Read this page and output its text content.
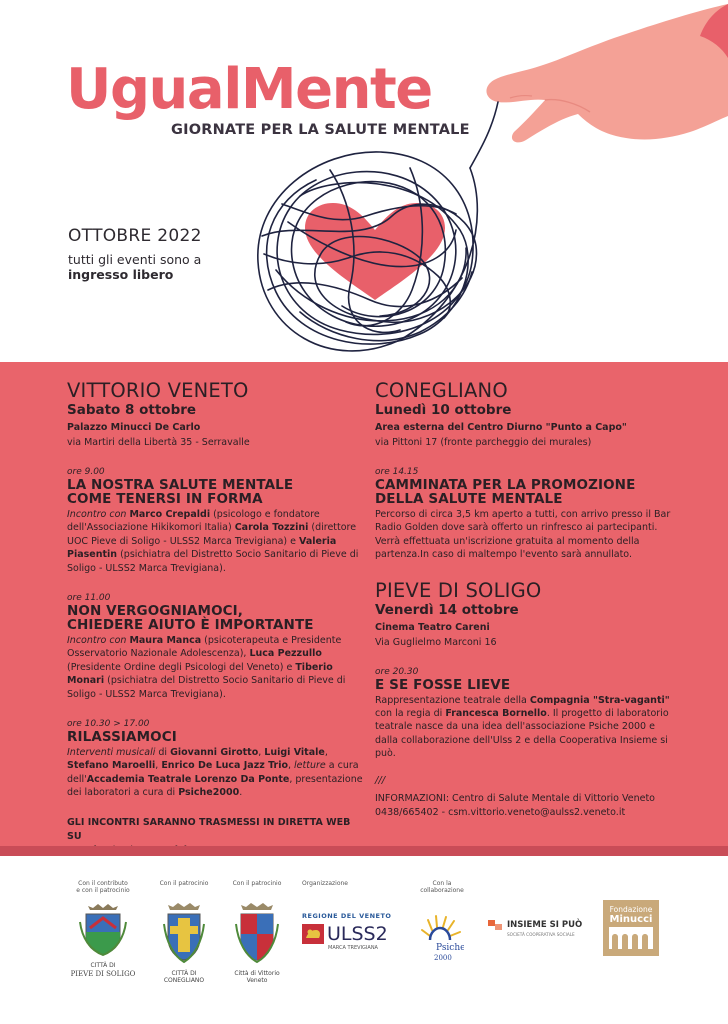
UgualMente
GIORNATE PER LA SALUTE MENTALE
OTTOBRE 2022
tutti gli eventi sono a
ingresso libero
VITTORIO VENETO
Sabato 8 ottobre
Palazzo Minucci De Carlo
via Martiri della Libertà 35 - Serravalle
ore 9.00
LA NOSTRA SALUTE MENTALE
COME TENERSI IN FORMA
Incontro con Marco Crepaldi (psicologo e fondatore dell'Associazione Hikikomori Italia) Carola Tozzini (direttore UOC Pieve di Soligo - ULSS2 Marca Trevigiana) e Valeria Piasentin (psichiatra del Distretto Socio Sanitario di Pieve di Soligo - ULSS2 Marca Trevigiana).
ore 11.00
NON VERGOGNIAMOCI,
CHIEDERE AIUTO È IMPORTANTE
Incontro con Maura Manca (psicoterapeuta e Presidente Osservatorio Nazionale Adolescenza), Luca Pezzullo (Presidente Ordine degli Psicologi del Veneto) e Tiberio Monari (psichiatra del Distretto Socio Sanitario di Pieve di Soligo - ULSS2 Marca Trevigiana).
ore 10.30 > 17.00
RILASSIAMOCI
Interventi musicali di Giovanni Girotto, Luigi Vitale, Stefano Maroelli, Enrico De Luca Jazz Trio, letture a cura dell'Accademia Teatrale Lorenzo Da Ponte, presentazione dei laboratori a cura di Psiche2000.
GLI INCONTRI SARANNO TRASMESSI IN DIRETTA WEB SU
CONEGLIANO
Lunedì 10 ottobre
Area esterna del Centro Diurno "Punto a Capo"
via Pittoni 17 (fronte parcheggio dei murales)
ore 14.15
CAMMINATA PER LA PROMOZIONE
DELLA SALUTE MENTALE
Percorso di circa 3,5 km aperto a tutti, con arrivo presso il Bar Radio Golden dove sarà offerto un rinfresco ai partecipanti. Verrà effettuata un'iscrizione gratuita al momento della partenza.In caso di maltempo l'evento sarà annullato.
PIEVE DI SOLIGO
Venerdì 14 ottobre
Cinema Teatro Careni
Via Guglielmo Marconi 16
ore 20.30
E SE FOSSE LIEVE
Rappresentazione teatrale della Compagnia "Stra-vaganti" con la regia di Francesca Bornello. Il progetto di laboratorio teatrale nasce da una idea dell'associazione Psiche 2000 e dalla collaborazione dell'Ulss 2 e della Cooperativa Insieme si può.
///
INFORMAZIONI: Centro di Salute Mentale di Vittorio Veneto
0438/665402 - csm.vittorio.veneto@aulss2.veneto.it
Con il contributo
e con il patrocinio
CITTÀ DI
PIEVE DI SOLIGO
Con il patrocinio
CITTÀ DI CONEGLIANO
Con il patrocinio
Città di Vittorio Veneto
Organizzazione
REGIONE DEL VENETO
ULSS2
MARCA TREVIGIANA
Con la collaborazione
Psiche
2000
INSIEME SI PUÒ
SOCIETÀ COOPERATIVA SOCIALE
Fondazione
Minucci
